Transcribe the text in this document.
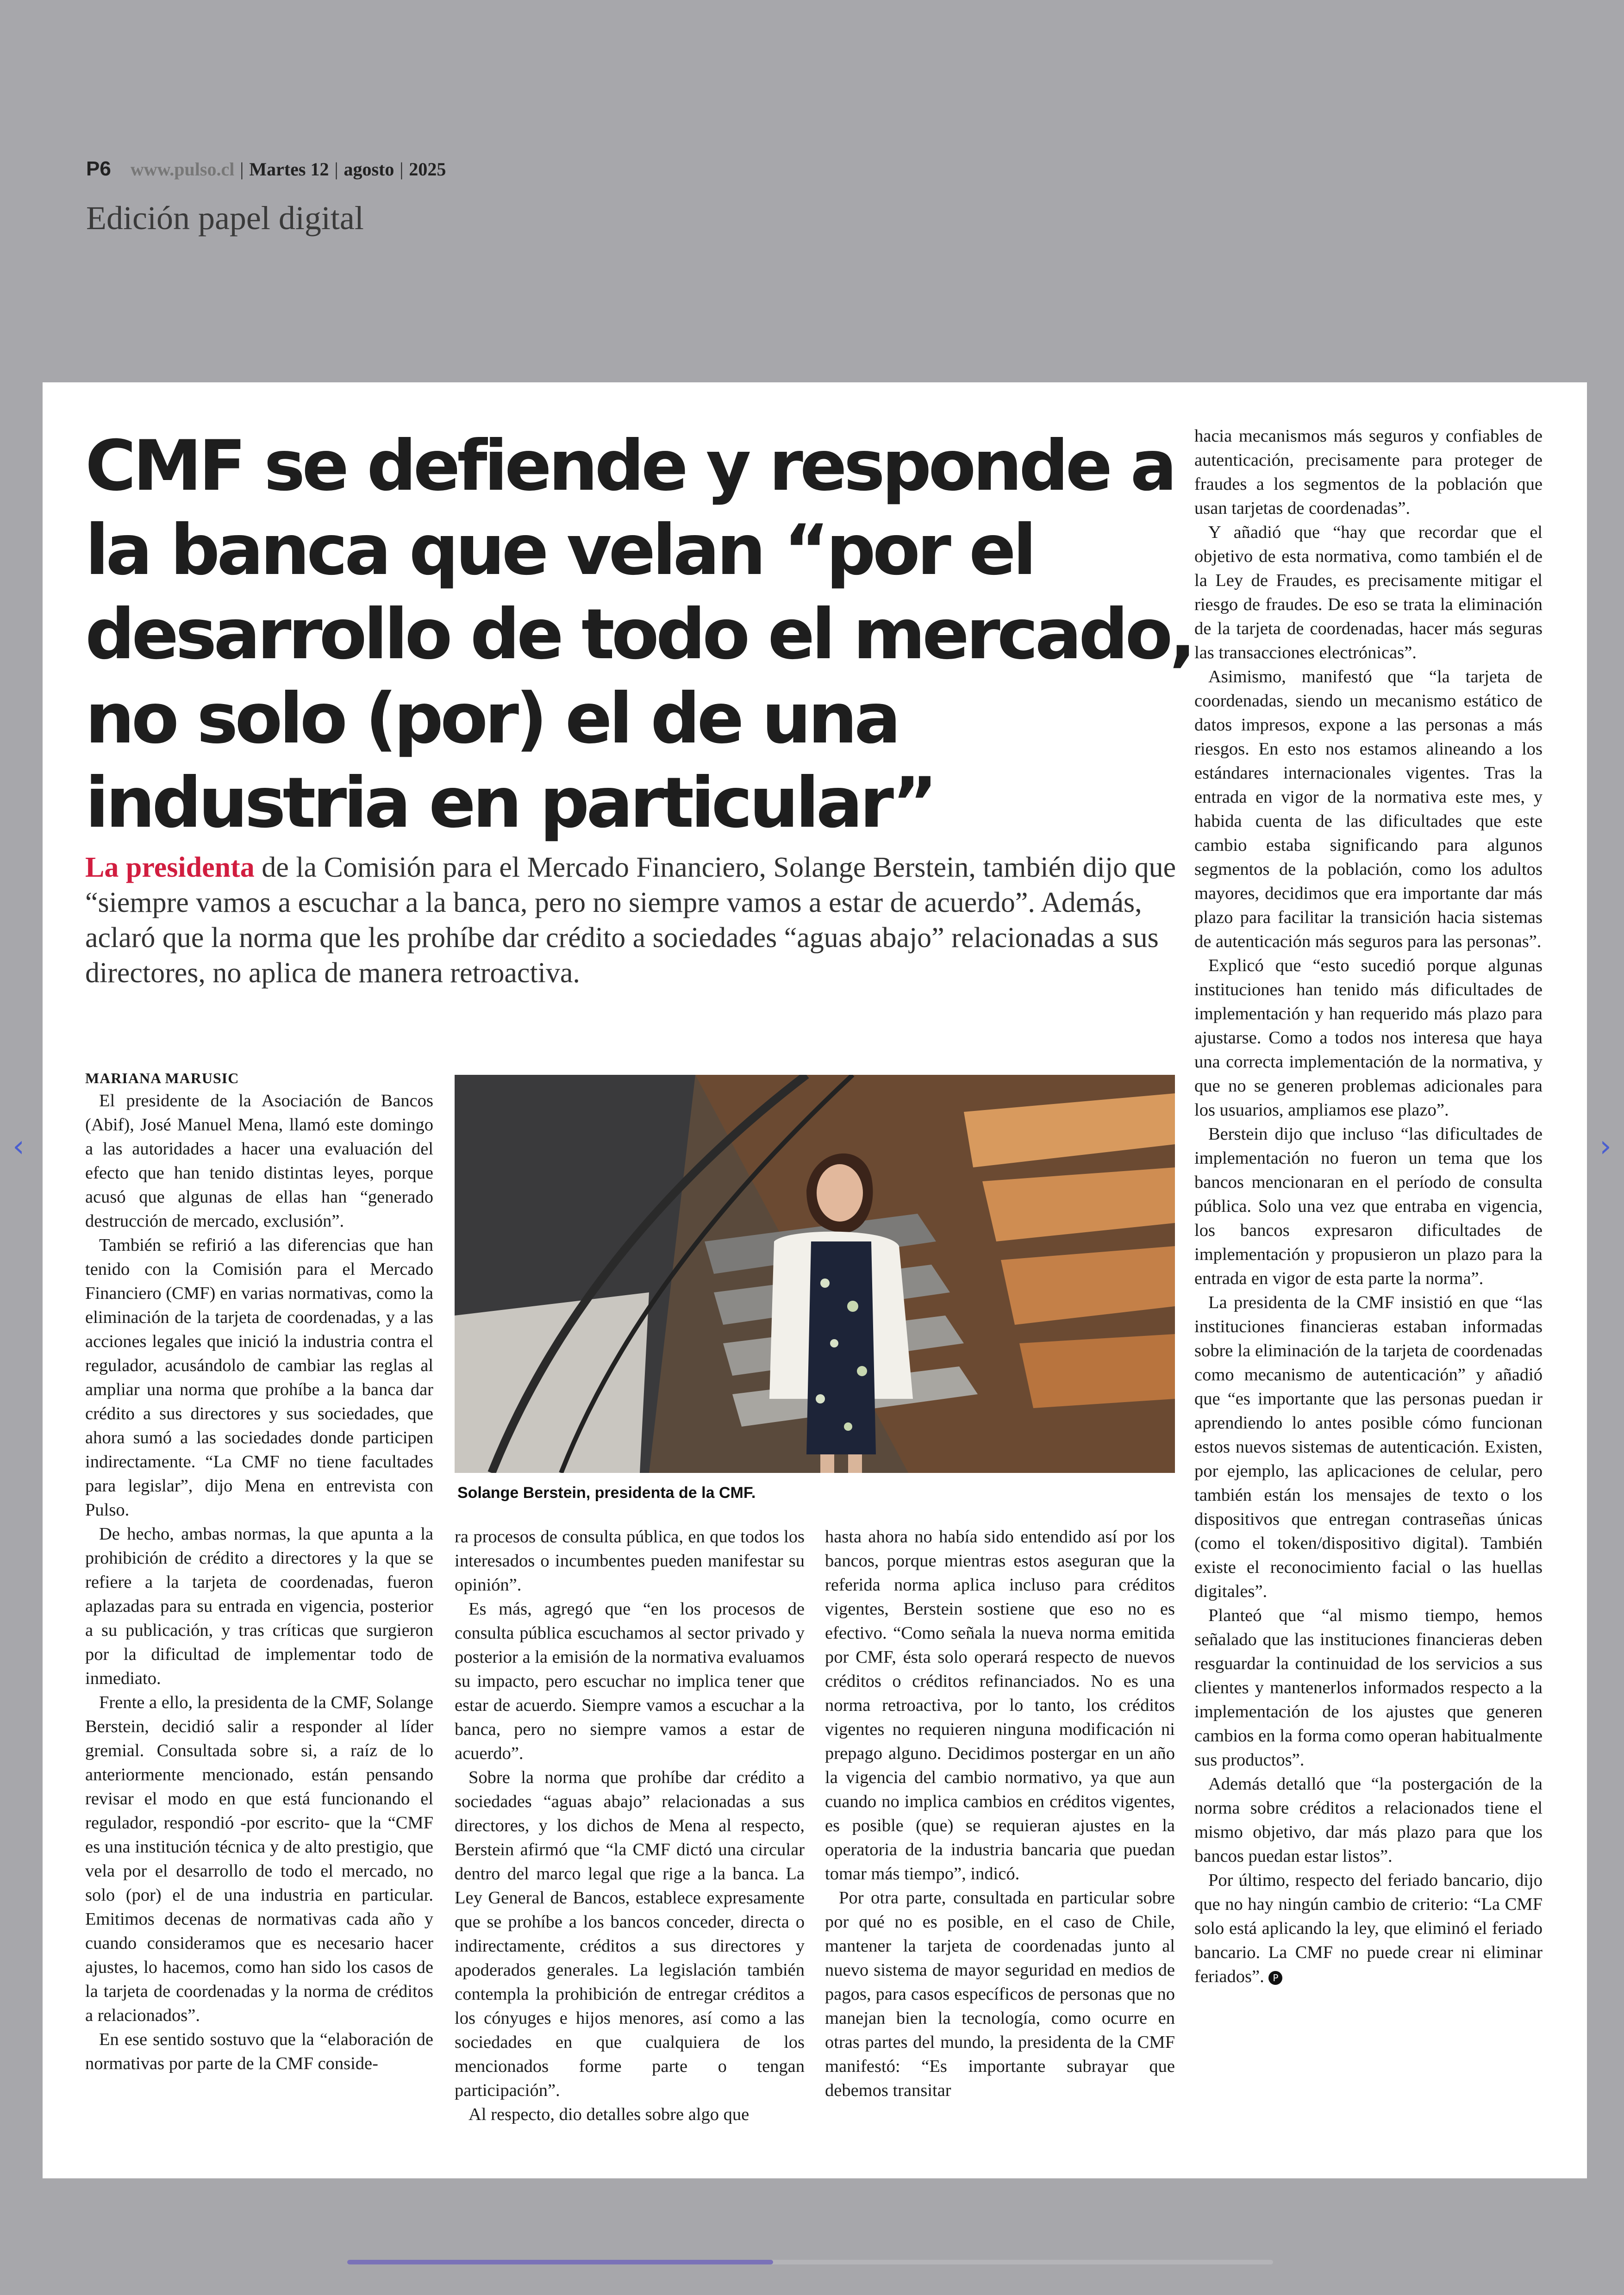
P6 www.pulso.cl | Martes 12 | agosto | 2025
Edición papel digital
‹	›
CMF se defiende y responde a la banca que velan “por el desarrollo de todo el mercado, no solo (por) el de una industria en particular”

La presidenta de la Comisión para el Mercado Financiero, Solange Berstein, también dijo que “siempre vamos a escuchar a la banca, pero no siempre vamos a estar de acuerdo”. Además, aclaró que la norma que les prohíbe dar crédito a sociedades “aguas abajo” relacionadas a sus directores, no aplica de manera retroactiva.

MARIANA MARUSIC

El presidente de la Asociación de Bancos (Abif), José Manuel Mena, llamó este domingo a las autoridades a hacer una evaluación del efecto que han tenido distintas leyes, porque acusó que algunas de ellas han “generado destrucción de mercado, exclusión”.

También se refirió a las diferencias que han tenido con la Comisión para el Mercado Financiero (CMF) en varias normativas, como la eliminación de la tarjeta de coordenadas, y a las acciones legales que inició la industria contra el regulador, acusándolo de cambiar las reglas al ampliar una norma que prohíbe a la banca dar crédito a sus directores y sus sociedades, que ahora sumó a las sociedades donde participen indirectamente. “La CMF no tiene facultades para legislar”, dijo Mena en entrevista con Pulso.

De hecho, ambas normas, la que apunta a la prohibición de crédito a directores y la que se refiere a la tarjeta de coordenadas, fueron aplazadas para su entrada en vigencia, posterior a su publicación, y tras críticas que surgieron por la dificultad de implementar todo de inmediato.

Frente a ello, la presidenta de la CMF, Solange Berstein, decidió salir a responder al líder gremial. Consultada sobre si, a raíz de lo anteriormente mencionado, están pensando revisar el modo en que está funcionando el regulador, respondió -por escrito- que la “CMF es una institución técnica y de alto prestigio, que vela por el desarrollo de todo el mercado, no solo (por) el de una industria en particular. Emitimos decenas de normativas cada año y cuando consideramos que es necesario hacer ajustes, lo hacemos, como han sido los casos de la tarjeta de coordenadas y la norma de créditos a relacionados”.

En ese sentido sostuvo que la “elaboración de normativas por parte de la CMF conside-

Solange Berstein, presidenta de la CMF.

ra procesos de consulta pública, en que todos los interesados o incumbentes pueden manifestar su opinión”.

Es más, agregó que “en los procesos de consulta pública escuchamos al sector privado y posterior a la emisión de la normativa evaluamos su impacto, pero escuchar no implica tener que estar de acuerdo. Siempre vamos a escuchar a la banca, pero no siempre vamos a estar de acuerdo”.

Sobre la norma que prohíbe dar crédito a sociedades “aguas abajo” relacionadas a sus directores, y los dichos de Mena al respecto, Berstein afirmó que “la CMF dictó una circular dentro del marco legal que rige a la banca. La Ley General de Bancos, establece expresamente que se prohíbe a los bancos conceder, directa o indirectamente, créditos a sus directores y apoderados generales. La legislación también contempla la prohibición de entregar créditos a los cónyuges e hijos menores, así como a las sociedades en que cualquiera de los mencionados forme parte o tengan participación”.

Al respecto, dio detalles sobre algo que

hasta ahora no había sido entendido así por los bancos, porque mientras estos aseguran que la referida norma aplica incluso para créditos vigentes, Berstein sostiene que eso no es efectivo. “Como señala la nueva norma emitida por CMF, ésta solo operará respecto de nuevos créditos o créditos refinanciados. No es una norma retroactiva, por lo tanto, los créditos vigentes no requieren ninguna modificación ni prepago alguno. Decidimos postergar en un año la vigencia del cambio normativo, ya que aun cuando no implica cambios en créditos vigentes, es posible (que) se requieran ajustes en la operatoria de la industria bancaria que puedan tomar más tiempo”, indicó.

Por otra parte, consultada en particular sobre por qué no es posible, en el caso de Chile, mantener la tarjeta de coordenadas junto al nuevo sistema de mayor seguridad en medios de pagos, para casos específicos de personas que no manejan bien la tecnología, como ocurre en otras partes del mundo, la presidenta de la CMF manifestó: “Es importante subrayar que debemos transitar

hacia mecanismos más seguros y confiables de autenticación, precisamente para proteger de fraudes a los segmentos de la población que usan tarjetas de coordenadas”.

Y añadió que “hay que recordar que el objetivo de esta normativa, como también el de la Ley de Fraudes, es precisamente mitigar el riesgo de fraudes. De eso se trata la eliminación de la tarjeta de coordenadas, hacer más seguras las transacciones electrónicas”.

Asimismo, manifestó que “la tarjeta de coordenadas, siendo un mecanismo estático de datos impresos, expone a las personas a más riesgos. En esto nos estamos alineando a los estándares internacionales vigentes. Tras la entrada en vigor de la normativa este mes, y habida cuenta de las dificultades que este cambio estaba significando para algunos segmentos de la población, como los adultos mayores, decidimos que era importante dar más plazo para facilitar la transición hacia sistemas de autenticación más seguros para las personas”.

Explicó que “esto sucedió porque algunas instituciones han tenido más dificultades de implementación y han requerido más plazo para ajustarse. Como a todos nos interesa que haya una correcta implementación de la normativa, y que no se generen problemas adicionales para los usuarios, ampliamos ese plazo”.

Berstein dijo que incluso “las dificultades de implementación no fueron un tema que los bancos mencionaran en el período de consulta pública. Solo una vez que entraba en vigencia, los bancos expresaron dificultades de implementación y propusieron un plazo para la entrada en vigor de esta parte la norma”.

La presidenta de la CMF insistió en que “las instituciones financieras estaban informadas sobre la eliminación de la tarjeta de coordenadas como mecanismo de autenticación” y añadió que “es importante que las personas puedan ir aprendiendo lo antes posible cómo funcionan estos nuevos sistemas de autenticación. Existen, por ejemplo, las aplicaciones de celular, pero también están los mensajes de texto o los dispositivos que entregan contraseñas únicas (como el token/dispositivo digital). También existe el reconocimiento facial o las huellas digitales”.

Planteó que “al mismo tiempo, hemos señalado que las instituciones financieras deben resguardar la continuidad de los servicios a sus clientes y mantenerlos informados respecto a la implementación de los ajustes que generen cambios en la forma como operan habitualmente sus productos”.

Además detalló que “la postergación de la norma sobre créditos a relacionados tiene el mismo objetivo, dar más plazo para que los bancos puedan estar listos”.

Por último, respecto del feriado bancario, dijo que no hay ningún cambio de criterio: “La CMF solo está aplicando la ley, que eliminó el feriado bancario. La CMF no puede crear ni eliminar feriados”. P
